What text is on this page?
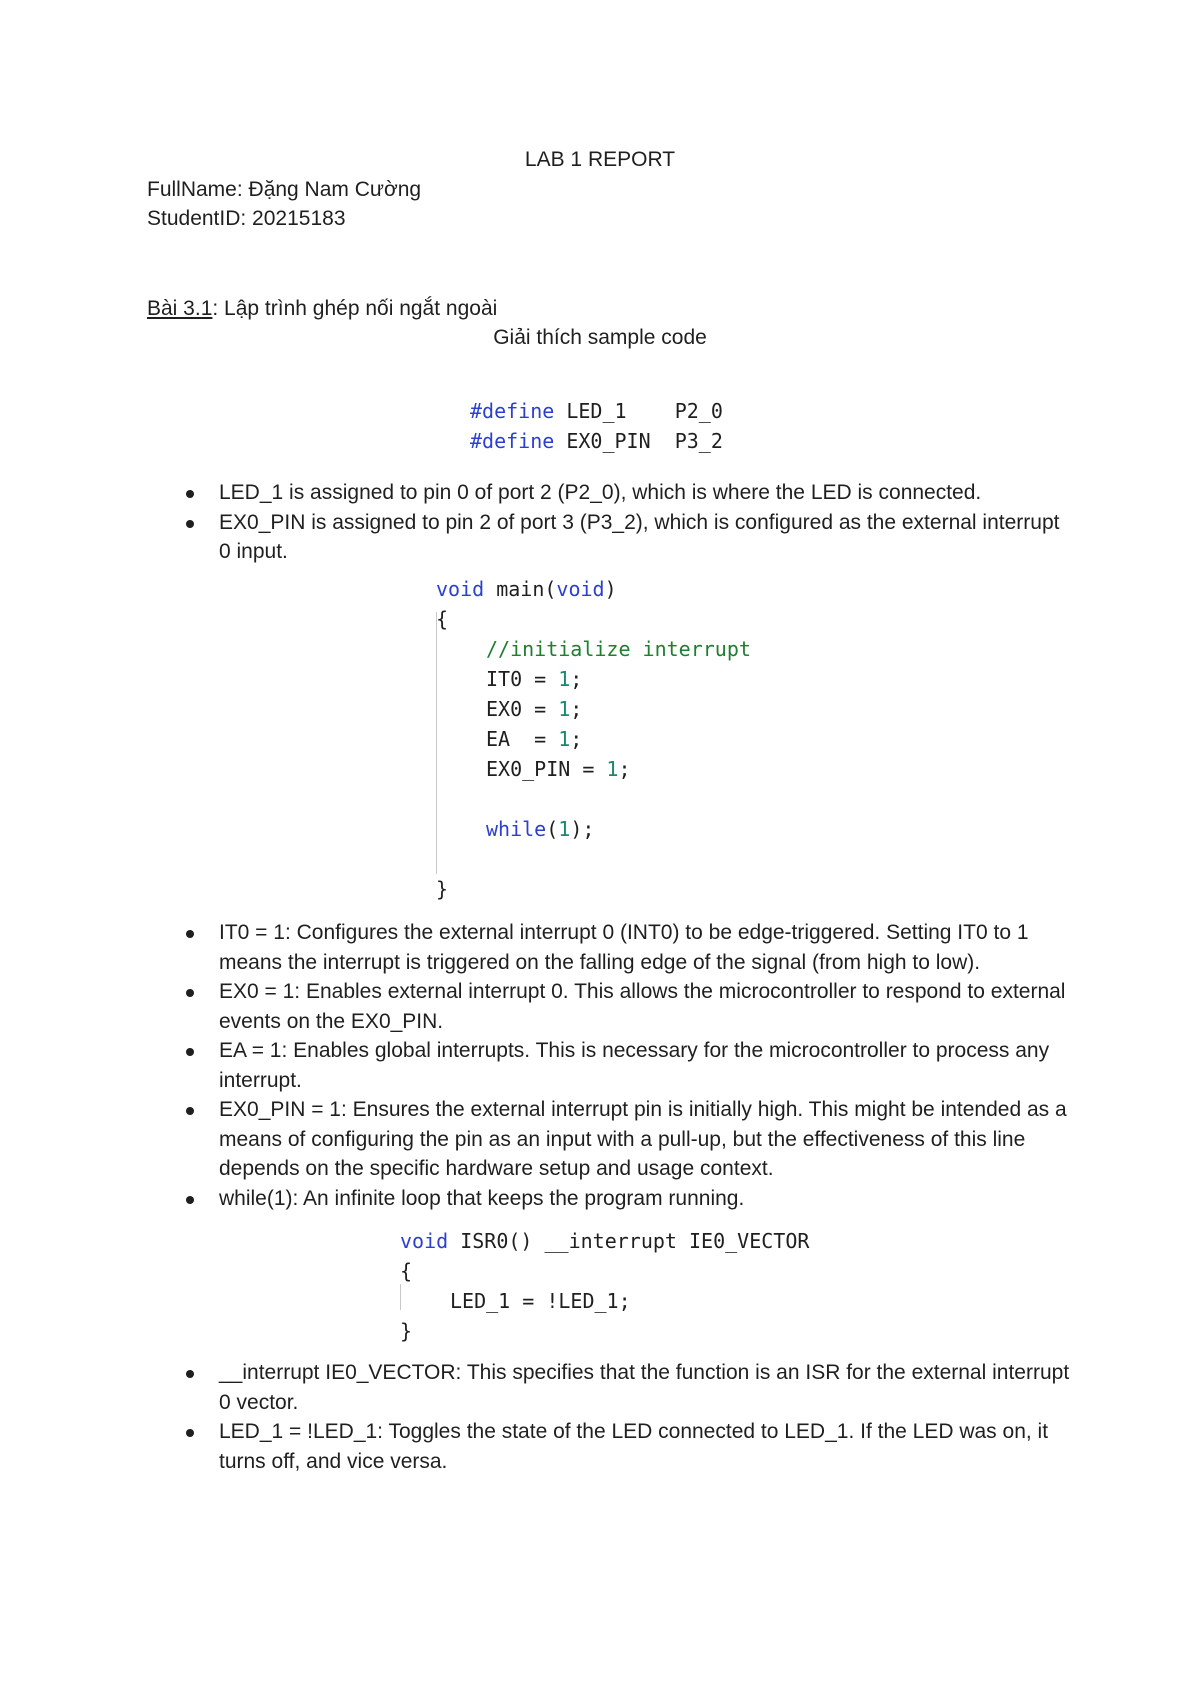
LAB 1 REPORT
FullName: Đặng Nam Cường
StudentID: 20215183
Bài 3.1: Lập trình ghép nối ngắt ngoài
Giải thích sample code
#define LED_1    P2_0
#define EX0_PIN  P3_2
LED_1 is assigned to pin 0 of port 2 (P2_0), which is where the LED is connected.
EX0_PIN is assigned to pin 2 of port 3 (P3_2), which is configured as the external interrupt 0 input.
void main(void)
{
//initialize interrupt
IT0 = 1;
EX0 = 1;
EA  = 1;
EX0_PIN = 1;
while(1);
}
IT0 = 1: Configures the external interrupt 0 (INT0) to be edge-triggered. Setting IT0 to 1 means the interrupt is triggered on the falling edge of the signal (from high to low).
EX0 = 1: Enables external interrupt 0. This allows the microcontroller to respond to external events on the EX0_PIN.
EA = 1: Enables global interrupts. This is necessary for the microcontroller to process any interrupt.
EX0_PIN = 1: Ensures the external interrupt pin is initially high. This might be intended as a means of configuring the pin as an input with a pull-up, but the effectiveness of this line depends on the specific hardware setup and usage context.
while(1): An infinite loop that keeps the program running.
void ISR0() __interrupt IE0_VECTOR
{
LED_1 = !LED_1;
}
__interrupt IE0_VECTOR: This specifies that the function is an ISR for the external interrupt 0 vector.
LED_1 = !LED_1: Toggles the state of the LED connected to LED_1. If the LED was on, it turns off, and vice versa.
